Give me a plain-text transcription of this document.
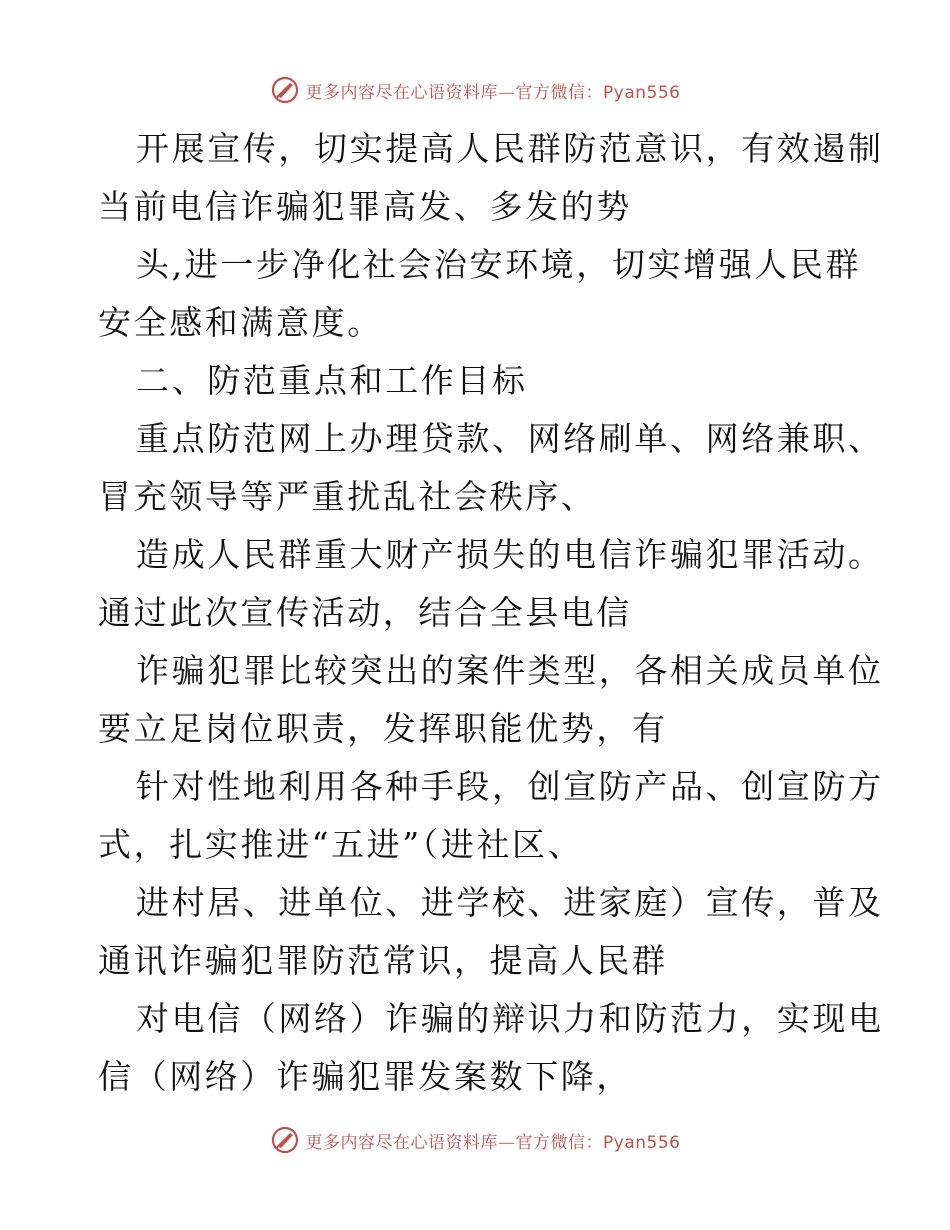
更多内容尽在心语资料库—官方微信：Pyan556
开展宣传，切实提高人民群防范意识，有效遏制
当前电信诈骗犯罪高发、多发的势
头,进一步净化社会治安环境，切实增强人民群
安全感和满意度。
二、防范重点和工作目标
重点防范网上办理贷款、网络刷单、网络兼职、
冒充领导等严重扰乱社会秩序、
造成人民群重大财产损失的电信诈骗犯罪活动。
通过此次宣传活动，结合全县电信
诈骗犯罪比较突出的案件类型，各相关成员单位
要立足岗位职责，发挥职能优势，有
针对性地利用各种手段，创宣防产品、创宣防方
式，扎实推进“五进”（进社区、
进村居、进单位、进学校、进家庭）宣传，普及
通讯诈骗犯罪防范常识，提高人民群
对电信（网络）诈骗的辩识力和防范力，实现电
信（网络）诈骗犯罪发案数下降，
更多内容尽在心语资料库—官方微信：Pyan556
